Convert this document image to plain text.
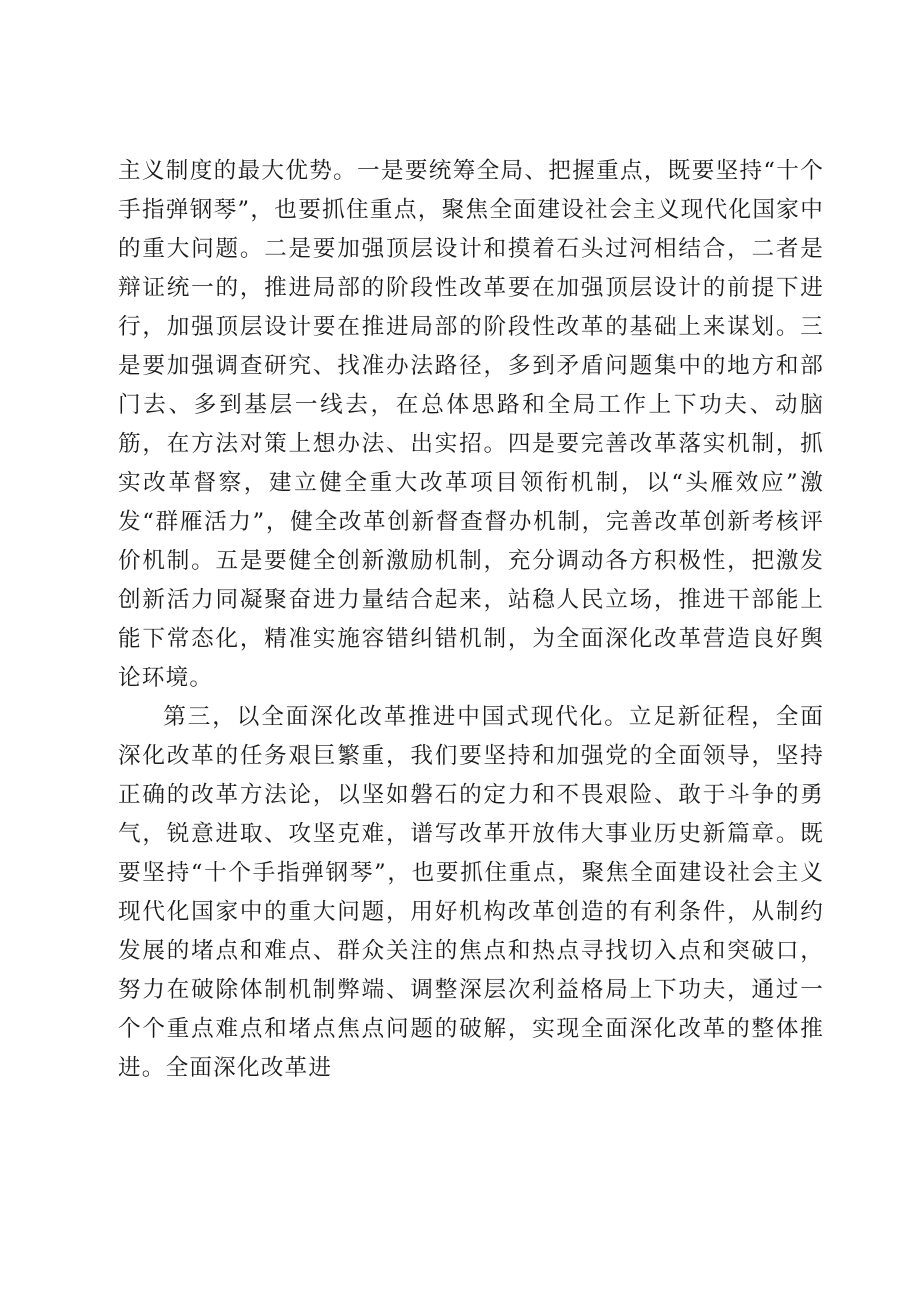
主义制度的最大优势。一是要统筹全局、把握重点，既要坚持“十个手指弹钢琴”，也要抓住重点，聚焦全面建设社会主义现代化国家中的重大问题。二是要加强顶层设计和摸着石头过河相结合，二者是辩证统一的，推进局部的阶段性改革要在加强顶层设计的前提下进行，加强顶层设计要在推进局部的阶段性改革的基础上来谋划。三是要加强调查研究、找准办法路径，多到矛盾问题集中的地方和部门去、多到基层一线去，在总体思路和全局工作上下功夫、动脑筋，在方法对策上想办法、出实招。四是要完善改革落实机制，抓实改革督察，建立健全重大改革项目领衔机制，以“头雁效应”激发“群雁活力”，健全改革创新督查督办机制，完善改革创新考核评价机制。五是要健全创新激励机制，充分调动各方积极性，把激发创新活力同凝聚奋进力量结合起来，站稳人民立场，推进干部能上能下常态化，精准实施容错纠错机制，为全面深化改革营造良好舆论环境。

第三，以全面深化改革推进中国式现代化。立足新征程，全面深化改革的任务艰巨繁重，我们要坚持和加强党的全面领导，坚持正确的改革方法论，以坚如磐石的定力和不畏艰险、敢于斗争的勇气，锐意进取、攻坚克难，谱写改革开放伟大事业历史新篇章。既要坚持“十个手指弹钢琴”，也要抓住重点，聚焦全面建设社会主义现代化国家中的重大问题，用好机构改革创造的有利条件，从制约发展的堵点和难点、群众关注的焦点和热点寻找切入点和突破口，努力在破除体制机制弊端、调整深层次利益格局上下功夫，通过一个个重点难点和堵点焦点问题的破解，实现全面深化改革的整体推进。全面深化改革进
